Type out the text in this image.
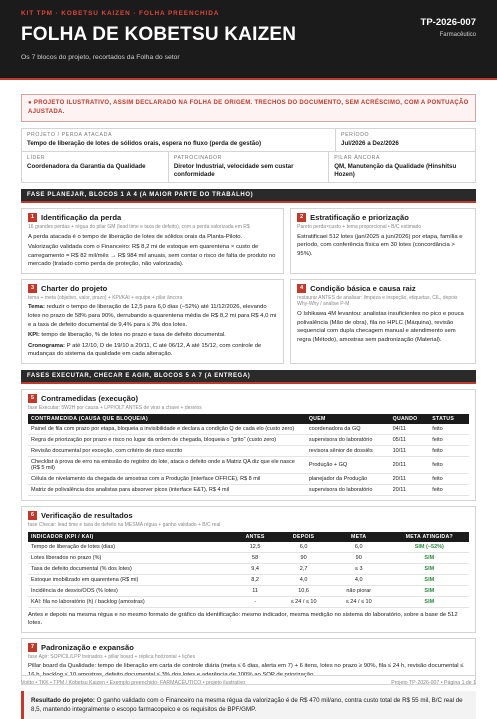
KIT TPM · KOBETSU KAIZEN · FOLHA PREENCHIDA
FOLHA DE KOBETSU KAIZEN
Os 7 blocos do projeto, recortados da Folha do setor
TP-2026-007
Farmacêutico
● PROJETO ILUSTRATIVO, ASSIM DECLARADO NA FOLHA DE ORIGEM. TRECHOS DO DOCUMENTO, SEM ACRÉSCIMO, COM A PONTUAÇÃO AJUSTADA.
PROJETO / PERDA ATACADA
Tempo de liberação de lotes de sólidos orais, espera no fluxo (perda de gestão)
PERÍODO
Jul/2026 a Dez/2026
LÍDER
Coordenadora da Garantia da Qualidade
PATROCINADOR
Diretor Industrial, velocidade sem custar conformidade
PILAR ÂNCORA
QM, Manutenção da Qualidade (Hinshitsu Hozen)
FASE PLANEJAR, BLOCOS 1 A 4 (A MAIOR PARTE DO TRABALHO)
1 Identificação da perda
16 grandes perdas + régua do pilar GM (lead time e taxa de defeito), com a perda valorizada em R$
A perda atacada é o tempo de liberação de lotes de sólidos orais da Planta-Piloto.
Valorização validada com o Financeiro: R$ 8,2 mi de estoque em quarentena × custo de carregamento = R$ 82 mil/mês → R$ 984 mil anuais, sem contar o risco de falta de produto no mercado (tratado como perda de proteção, não valorizada).
2 Estratificação e priorização
Pareto perda×custo + tema proporcional • B/C estimado
Estratificaei 512 lotes (jan/2025 a jun/2026) por etapa, família e período, com conferência física em 30 lotes (concordância > 95%).
3 Charter do projeto
tema + meta (objetivo, valor, prazo) + KPI/KAI + equipe + pilar âncora
Tema: reduzir o tempo de liberação de 12,5 para 6,0 dias (−52%) até 11/12/2026, elevando lotes no prazo de 58% para 90%, derrubando a quarentena média de R$ 8,2 mi para R$ 4,0 mi e a taxa de defeito documental de 9,4% para ≤ 3% dos lotes.
KPI: tempo de liberação, % de lotes no prazo e taxa de defeito documental.
Cronograma: P até 12/10, D de 19/10 a 20/11, C até 06/12, A até 15/12, com controle de mudanças do sistema da qualidade em cada alteração.
4 Condição básica e causa raiz
restaurar ANTES de analisar: limpeza e inspeção, etiquetas, CIL, depois Why-Why / análise P-M
O Ishikawa 4M levantou: analistas insuficientes no pico e pouca polivalência (Mão de obra), fila no HPLC (Máquina), revisão sequencial com dupla checagem manual e atendimento sem regra (Método), amostras sem padronização (Material).
FASES EXECUTAR, CHECAR E AGIR, BLOCOS 5 A 7 (A ENTREGA)
5 Contramedidas (execução)
fase Executar: 5W2H por causa + LPP/OLT ANTES de virar a chave + desvios
CONTRAMEDIDA (CAUSA QUE BLOQUEIA)	QUEM	QUANDO	STATUS
Painel de fila com prazo por etapa, bloqueia a invisibilidade e declara a condição Q de cada elo (custo zero)	coordenadora da GQ	04/11	feito
Regra de priorização por prazo e risco no lugar da ordem de chegada, bloqueia o "grito" (custo zero)	supervisora do laboratório	05/11	feito
Revisão documental por exceção, com critério de risco escrito	revisora sênior de dossiês	10/11	feito
Checklist à prova de erro na emissão do registro do lote, ataca o defeito onde a Matriz QA diz que ele nasce (R$ 5 mil)	Produção + GQ	20/11	feito
Célula de nivelamento da chegada de amostras com a Produção (interface OFFICE), R$ 8 mil	planejador da Produção	20/11	feito
Matriz de polivalência dos analistas para absorver picos (interface E&T), R$ 4 mil	supervisora do laboratório	20/11	feito
6 Verificação de resultados
fase Checar: lead time e taxa de defeito na MESMA régua + ganho validado + B/C real
INDICADOR (KPI / KAI)	ANTES	DEPOIS	META	META ATINGIDA?
Tempo de liberação de lotes (dias)	12,5	6,0	6,0	SIM (−52%)
Lotes liberados no prazo (%)	58	90	90	SIM
Taxa de defeito documental (% dos lotes)	9,4	2,7	≤ 3	SIM
Estoque imobilizado em quarentena (R$ mi)	8,2	4,0	4,0	SIM
Incidência de desvio/OOS (% lotes)	11	10,6	não piorar	SIM
KAI: fila no laboratório (h) / backlog (amostras)	-	≤ 24 / ≤ 10	≤ 24 / ≤ 10	SIM
Antes e depois na mesma régua e no mesmo formato de gráfico da identificação: mesmo indicador, mesma medição no sistema do laboratório, sobre a base de 512 lotes.
7 Padronização e expansão
fase Agir: SOP/CIL/LPP treinados + pillar board + réplica horizontal + lições
Pillar board da Qualidade: tempo de liberação em carta de controle diária (meta ≤ 6 dias, alerta em 7) + 6 itens, lotes no prazo ≥ 90%, fila ≤ 24 h, revisão documental ≤ 16 h, backlog ≤ 10 amostras, defeito documental ≤ 3% dos lotes e aderência de 100% ao SOP de priorização.
Resultado do projeto: O ganho validado com o Financeiro na mesma régua da valorização é de R$ 470 mil/ano, contra custo total de R$ 55 mil, B/C real de 8,5, mantendo integralmente o escopo farmacopeico e os requisitos de BPF/GMP.
Voitto • TKK • TPM / Kobetsu Kaizen • Exemplo preenchido- FARMACÊUTICO • projeto ilustrativo	Projeto TP-2026-007 • Página 1 de 1
